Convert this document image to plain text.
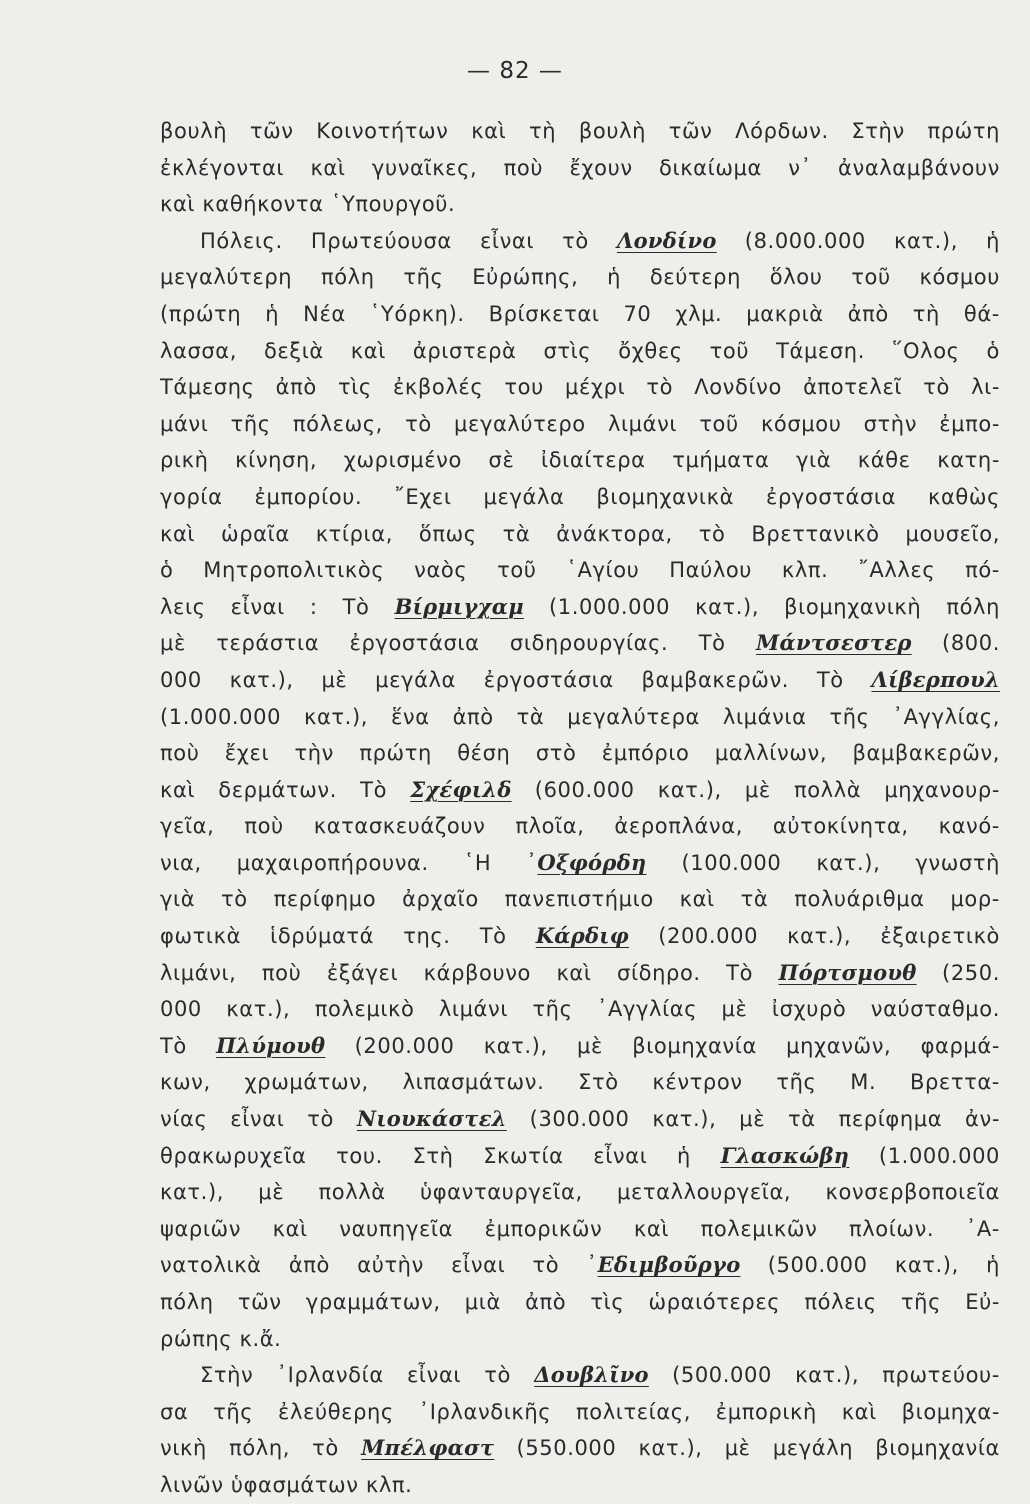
— 82 —
βουλὴ τῶν Κοινοτήτων καὶ τὴ βουλὴ τῶν Λόρδων. Στὴν πρώτη
ἐκλέγονται καὶ γυναῖκες, ποὺ ἔχουν δικαίωμα ν᾽ ἀναλαμβάνουν
καὶ καθήκοντα ῾Υπουργοῦ.
Πόλεις. Πρωτεύουσα εἶναι τὸ Λονδίνο (8.000.000 κατ.), ἡ
μεγαλύτερη πόλη τῆς Εὐρώπης, ἡ δεύτερη ὅλου τοῦ κόσμου
(πρώτη ἡ Νέα ῾Υόρκη). Βρίσκεται 70 χλμ. μακριὰ ἀπὸ τὴ θά-
λασσα, δεξιὰ καὶ ἀριστερὰ στὶς ὄχθες τοῦ Τάμεση. ῞Ολος ὁ
Τάμεσης ἀπὸ τὶς ἐκβολές του μέχρι τὸ Λονδίνο ἀποτελεῖ τὸ λι-
μάνι τῆς πόλεως, τὸ μεγαλύτερο λιμάνι τοῦ κόσμου στὴν ἐμπο-
ρικὴ κίνηση, χωρισμένο σὲ ἰδιαίτερα τμήματα γιὰ κάθε κατη-
γορία ἐμπορίου. ῎Εχει μεγάλα βιομηχανικὰ ἐργοστάσια καθὼς
καὶ ὡραῖα κτίρια, ὅπως τὰ ἀνάκτορα, τὸ Βρεττανικὸ μουσεῖο,
ὁ Μητροπολιτικὸς ναὸς τοῦ ῾Αγίου Παύλου κλπ. ῎Αλλες πό-
λεις εἶναι : Τὸ Βίρμιγχαμ (1.000.000 κατ.), βιομηχανικὴ πόλη
μὲ τεράστια ἐργοστάσια σιδηρουργίας. Τὸ Μάντσεστερ (800.
000 κατ.), μὲ μεγάλα ἐργοστάσια βαμβακερῶν. Τὸ Λίβερπουλ
(1.000.000 κατ.), ἕνα ἀπὸ τὰ μεγαλύτερα λιμάνια τῆς ᾽Αγγλίας,
ποὺ ἔχει τὴν πρώτη θέση στὸ ἐμπόριο μαλλίνων, βαμβακερῶν,
καὶ δερμάτων. Τὸ Σχέφιλδ (600.000 κατ.), μὲ πολλὰ μηχανουρ-
γεῖα, ποὺ κατασκευάζουν πλοῖα, ἀεροπλάνα, αὐτοκίνητα, κανό-
νια, μαχαιροπήρουνα. ῾Η ᾽Οξφόρδη (100.000 κατ.), γνωστὴ
γιὰ τὸ περίφημο ἀρχαῖο πανεπιστήμιο καὶ τὰ πολυάριθμα μορ-
φωτικὰ ἱδρύματά της. Τὸ Κάρδιφ (200.000 κατ.), ἐξαιρετικὸ
λιμάνι, ποὺ ἐξάγει κάρβουνο καὶ σίδηρο. Τὸ Πόρτσμουθ (250.
000 κατ.), πολεμικὸ λιμάνι τῆς ᾽Αγγλίας μὲ ἰσχυρὸ ναύσταθμο.
Τὸ Πλύμουθ (200.000 κατ.), μὲ βιομηχανία μηχανῶν, φαρμά-
κων, χρωμάτων, λιπασμάτων. Στὸ κέντρον τῆς Μ. Βρεττα-
νίας εἶναι τὸ Νιουκάστελ (300.000 κατ.), μὲ τὰ περίφημα ἀν-
θρακωρυχεῖα του. Στὴ Σκωτία εἶναι ἡ Γλασκώβη (1.000.000
κατ.), μὲ πολλὰ ὑφανταυργεῖα, μεταλλουργεῖα, κονσερβοποιεῖα
ψαριῶν καὶ ναυπηγεῖα ἐμπορικῶν καὶ πολεμικῶν πλοίων. ᾽Α-
νατολικὰ ἀπὸ αὐτὴν εἶναι τὸ ᾽Εδιμβοῦργο (500.000 κατ.), ἡ
πόλη τῶν γραμμάτων, μιὰ ἀπὸ τὶς ὡραιότερες πόλεις τῆς Εὐ-
ρώπης κ.ἄ.
Στὴν ᾽Ιρλανδία εἶναι τὸ Δουβλῖνο (500.000 κατ.), πρωτεύου-
σα τῆς ἐλεύθερης ᾽Ιρλανδικῆς πολιτείας, ἐμπορικὴ καὶ βιομηχα-
νικὴ πόλη, τὸ Μπέλφαστ (550.000 κατ.), μὲ μεγάλη βιομηχανία
λινῶν ὑφασμάτων κλπ.
